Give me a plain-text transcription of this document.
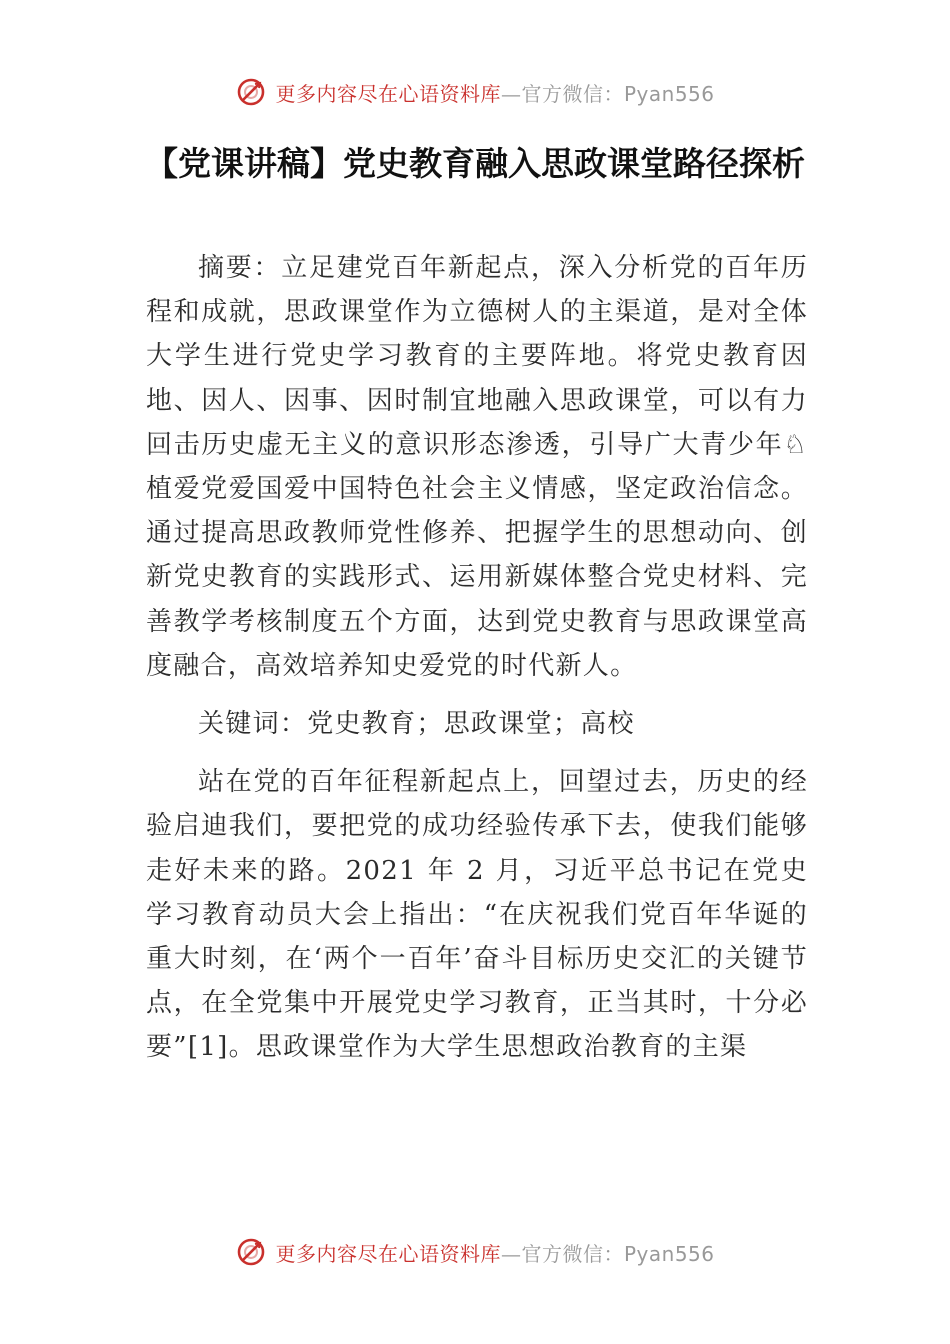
更多内容尽在心语资料库—官方微信：Pyan556
【党课讲稿】党史教育融入思政课堂路径探析

摘要：立足建党百年新起点，深入分析党的百年历程和成就，思政课堂作为立德树人的主渠道，是对全体大学生进行党史学习教育的主要阵地。将党史教育因地、因人、因事、因时制宜地融入思政课堂，可以有力回击历史虚无主义的意识形态渗透，引导广大青少年♘植爱党爱国爱中国特色社会主义情感，坚定政治信念。通过提高思政教师党性修养、把握学生的思想动向、创新党史教育的实践形式、运用新媒体整合党史材料、完善教学考核制度五个方面，达到党史教育与思政课堂高度融合，高效培养知史爱党的时代新人。

关键词：党史教育；思政课堂；高校

站在党的百年征程新起点上，回望过去，历史的经验启迪我们，要把党的成功经验传承下去，使我们能够走好未来的路。2021 年 2 月，习近平总书记在党史学习教育动员大会上指出：“在庆祝我们党百年华诞的重大时刻，在‘两个一百年’奋斗目标历史交汇的关键节点，在全党集中开展党史学习教育，正当其时，十分必要”[1]。思政课堂作为大学生思想政治教育的主渠

更多内容尽在心语资料库—官方微信：Pyan556
